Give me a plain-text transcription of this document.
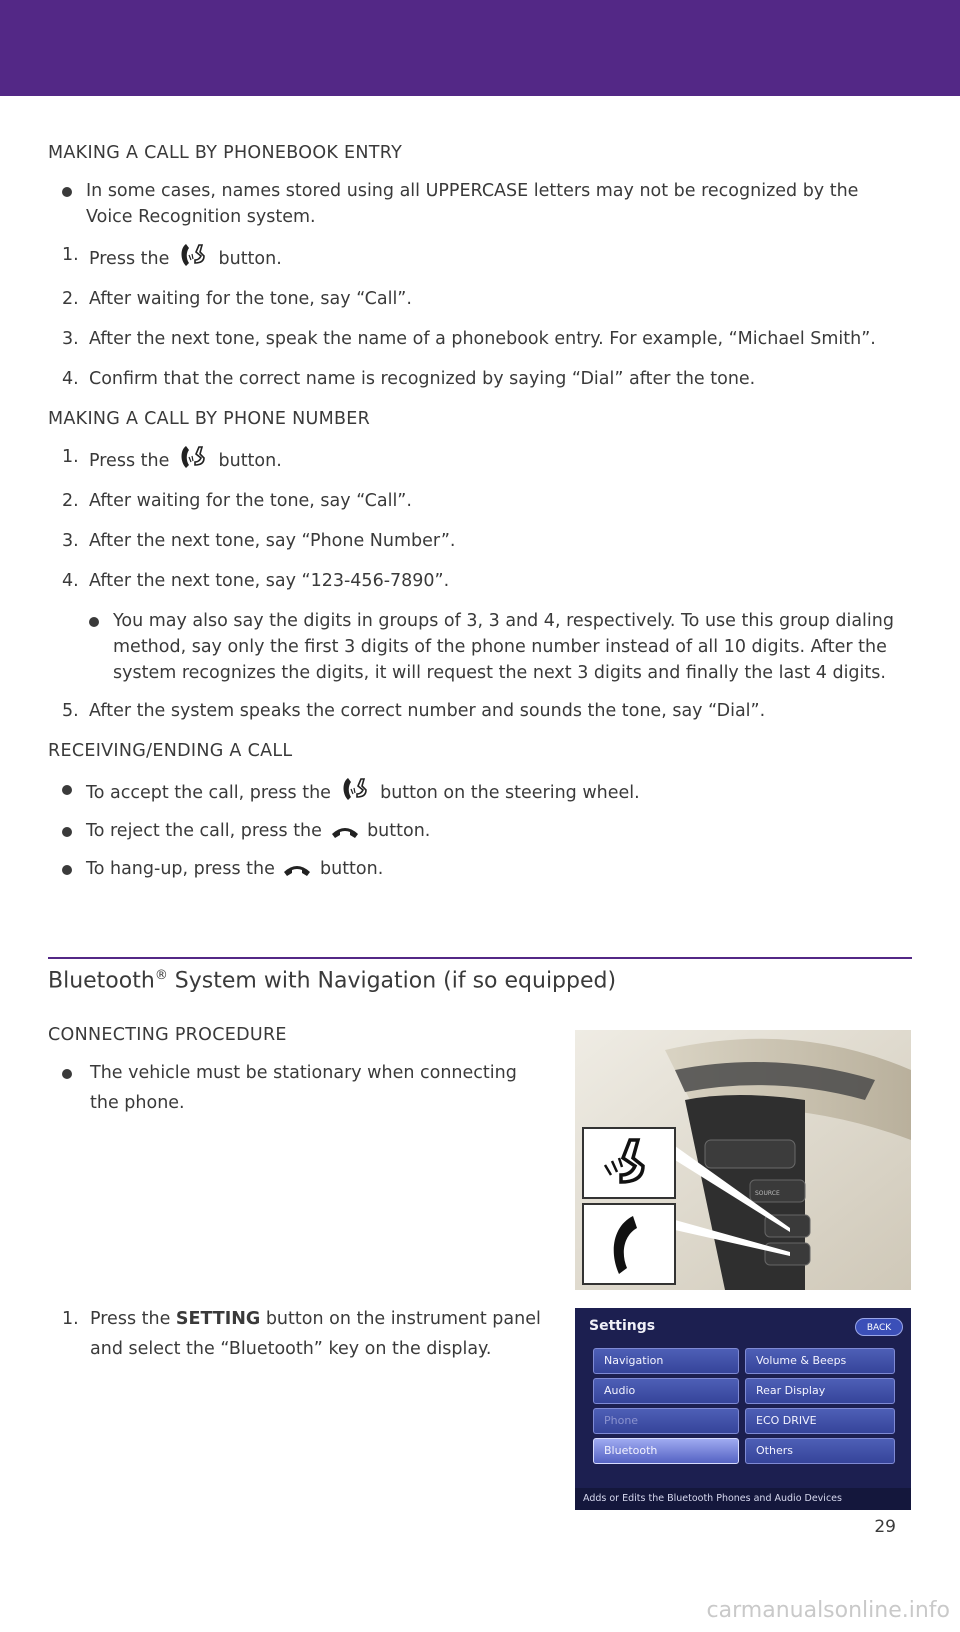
MAKING A CALL BY PHONEBOOK ENTRY
In some cases, names stored using all UPPERCASE letters may not be recognized by the Voice Recognition system.
1. Press the	button.
2. After waiting for the tone, say “Call”.
3. After the next tone, speak the name of a phonebook entry. For example, “Michael Smith”.
4. Confirm that the correct name is recognized by saying “Dial” after the tone.
MAKING A CALL BY PHONE NUMBER
1. Press the	button.
2. After waiting for the tone, say “Call”.
3. After the next tone, say “Phone Number”.
4. After the next tone, say “123-456-7890”.
You may also say the digits in groups of 3, 3 and 4, respectively. To use this group dialing method, say only the first 3 digits of the phone number instead of all 10 digits. After the system recognizes the digits, it will request the next 3 digits and finally the last 4 digits.
5. After the system speaks the correct number and sounds the tone, say “Dial”.
RECEIVING/ENDING A CALL
To accept the call, press the	button on the steering wheel.
To reject the call, press the	button.
To hang-up, press the	button.
Bluetooth® System with Navigation (if so equipped)
CONNECTING PROCEDURE
The vehicle must be stationary when connecting the phone.
1. Press the SETTING button on the instrument panel and select the “Bluetooth” key on the display.
SOURCE
Settings	BACK
Navigation
Audio
Phone
Bluetooth
Volume & Beeps
Rear Display
ECO DRIVE
Others
Adds or Edits the Bluetooth Phones and Audio Devices
29
carmanualsonline.info
